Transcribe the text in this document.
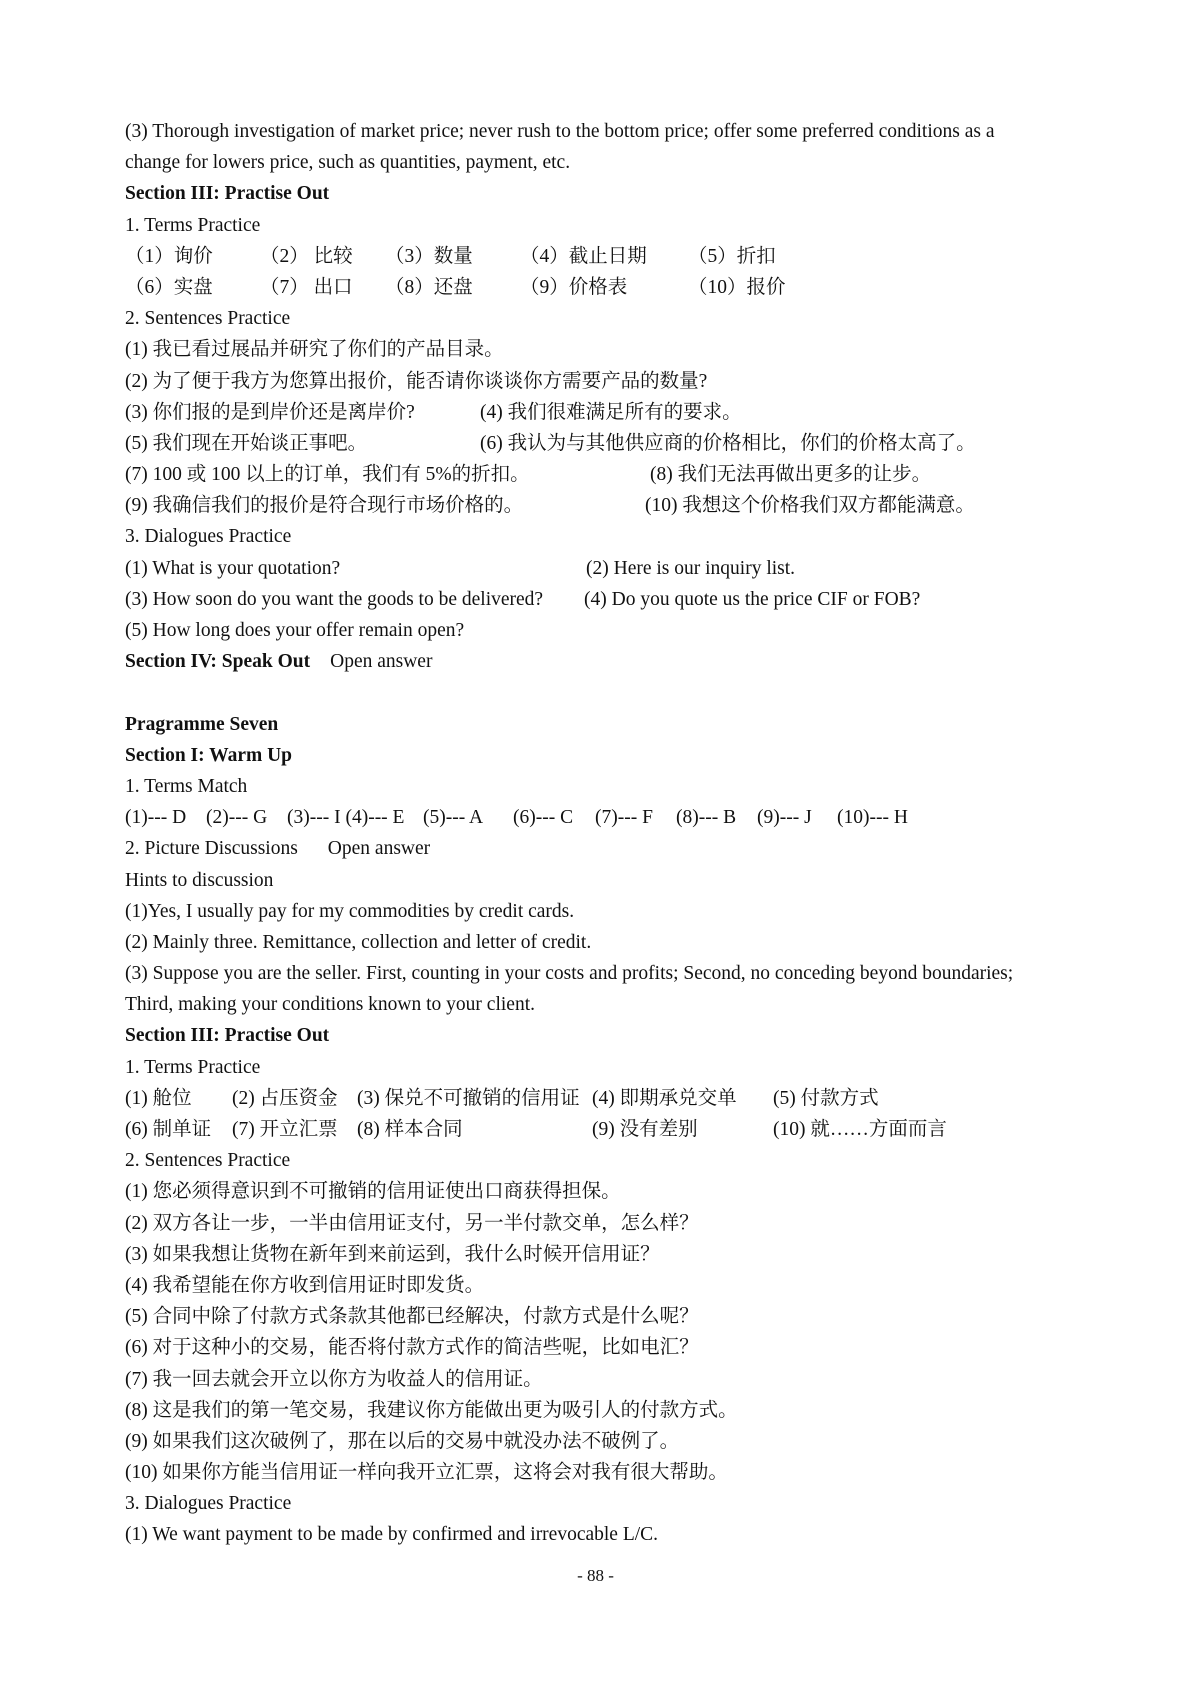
(3) Thorough investigation of market price; never rush to the bottom price; offer some preferred conditions as a
change for lowers price, such as quantities, payment, etc.
Section III: Practise Out
1. Terms Practice
（1）询价 （2） 比较 （3）数量 （4）截止日期 （5）折扣
（6）实盘 （7） 出口 （8）还盘 （9）价格表	（10）报价
2. Sentences Practice
(1) 我已看过展品并研究了你们的产品目录。
(2) 为了便于我方为您算出报价，能否请你谈谈你方需要产品的数量?
(3) 你们报的是到岸价还是离岸价?	(4) 我们很难满足所有的要求。
(5) 我们现在开始谈正事吧。	(6) 我认为与其他供应商的价格相比，你们的价格太高了。
(7) 100 或 100 以上的订单，我们有 5%的折扣。	(8) 我们无法再做出更多的让步。
(9) 我确信我们的报价是符合现行市场价格的。	(10) 我想这个价格我们双方都能满意。
3. Dialogues Practice
(1) What is your quotation?	(2) Here is our inquiry list.
(3) How soon do you want the goods to be delivered? (4) Do you quote us the price CIF or FOB?
(5) How long does your offer remain open?
Section IV: Speak Out Open answer
Pragramme Seven
Section I: Warm Up
1. Terms Match
(1)--- D (2)--- G (3)--- I (4)--- E (5)--- A (6)--- C (7)--- F (8)--- B (9)--- J (10)--- H
2. Picture Discussions Open answer
Hints to discussion
(1)Yes, I usually pay for my commodities by credit cards.
(2) Mainly three. Remittance, collection and letter of credit.
(3) Suppose you are the seller. First, counting in your costs and profits; Second, no conceding beyond boundaries;
Third, making your conditions known to your client.
Section III: Practise Out
1. Terms Practice
(1) 舱位 (2) 占压资金 (3) 保兑不可撤销的信用证 (4) 即期承兑交单 (5) 付款方式
(6) 制单证 (7) 开立汇票 (8) 样本合同	(9) 没有差别	(10) 就……方面而言
2. Sentences Practice
(1) 您必须得意识到不可撤销的信用证使出口商获得担保。
(2) 双方各让一步，一半由信用证支付，另一半付款交单，怎么样？
(3) 如果我想让货物在新年到来前运到，我什么时候开信用证？
(4) 我希望能在你方收到信用证时即发货。
(5) 合同中除了付款方式条款其他都已经解决，付款方式是什么呢？
(6) 对于这种小的交易，能否将付款方式作的简洁些呢，比如电汇？
(7) 我一回去就会开立以你方为收益人的信用证。
(8) 这是我们的第一笔交易，我建议你方能做出更为吸引人的付款方式。
(9) 如果我们这次破例了，那在以后的交易中就没办法不破例了。
(10) 如果你方能当信用证一样向我开立汇票，这将会对我有很大帮助。
3. Dialogues Practice
(1) We want payment to be made by confirmed and irrevocable L/C.
- 88 -
